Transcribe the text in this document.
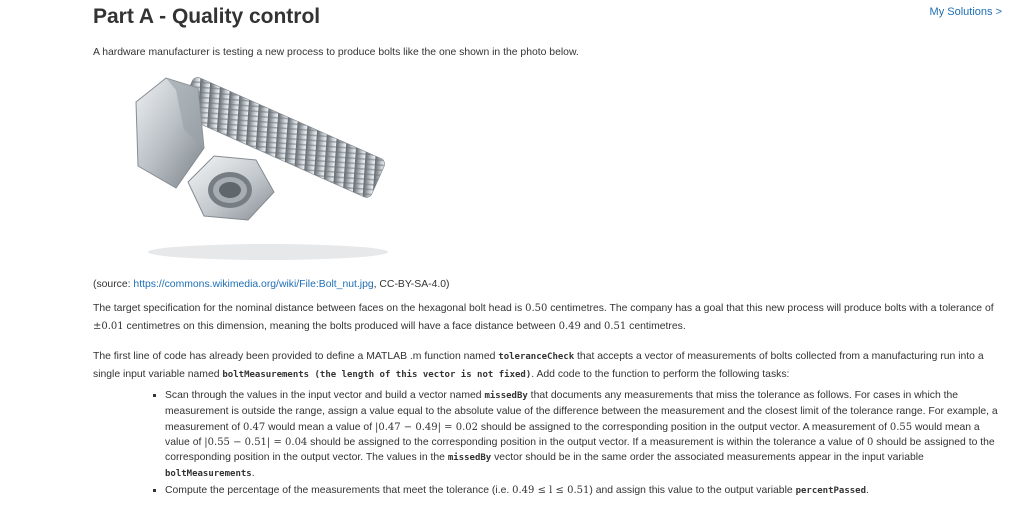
Part A - Quality control	My Solutions >

A hardware manufacturer is testing a new process to produce bolts like the one shown in the photo below.

(source: https://commons.wikimedia.org/wiki/File:Bolt_nut.jpg, CC-BY-SA-4.0)

The target specification for the nominal distance between faces on the hexagonal bolt head is 0.50 centimetres. The company has a goal that this new process will produce bolts with a tolerance of ±0.01 centimetres on this dimension, meaning the bolts produced will have a face distance between 0.49 and 0.51 centimetres.

The first line of code has already been provided to define a MATLAB .m function named toleranceCheck that accepts a vector of measurements of bolts collected from a manufacturing run into a single input variable named boltMeasurements (the length of this vector is not fixed). Add code to the function to perform the following tasks:

▪ Scan through the values in the input vector and build a vector named missedBy that documents any measurements that miss the tolerance as follows. For cases in which the measurement is outside the range, assign a value equal to the absolute value of the difference between the measurement and the closest limit of the tolerance range. For example, a measurement of 0.47 would mean a value of |0.47 − 0.49| = 0.02 should be assigned to the corresponding position in the output vector. A measurement of 0.55 would mean a value of |0.55 − 0.51| = 0.04 should be assigned to the corresponding position in the output vector. If a measurement is within the tolerance a value of 0 should be assigned to the corresponding position in the output vector. The values in the missedBy vector should be in the same order the associated measurements appear in the input variable boltMeasurements.
▪ Compute the percentage of the measurements that meet the tolerance (i.e. 0.49 ≤ l ≤ 0.51) and assign this value to the output variable percentPassed.
